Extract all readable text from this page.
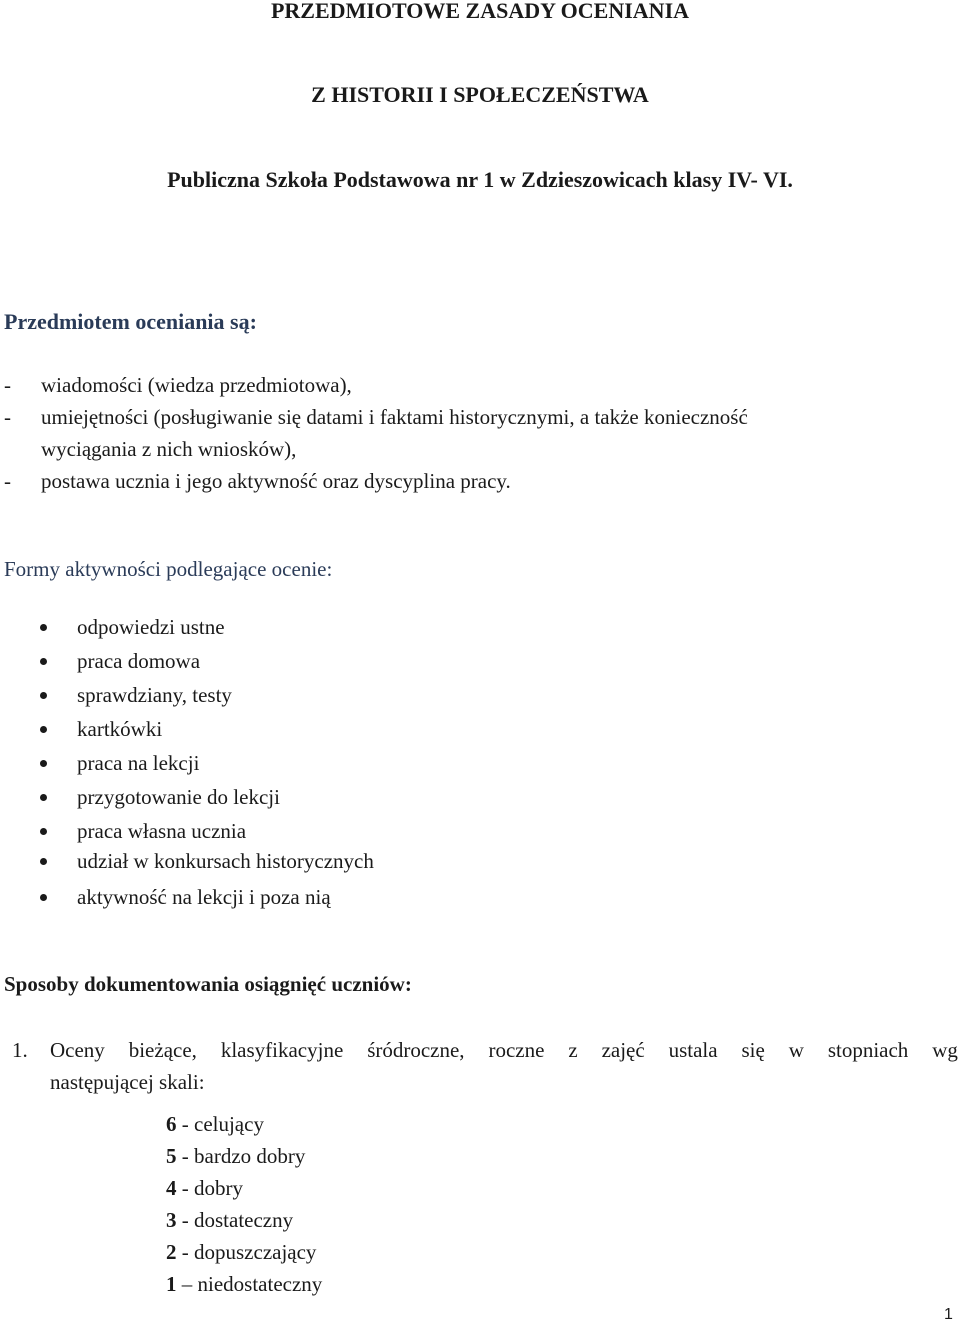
PRZEDMIOTOWE ZASADY OCENIANIA
Z HISTORII I SPOŁECZEŃSTWA
Publiczna Szkoła Podstawowa nr 1 w Zdzieszowicach klasy IV- VI.
Przedmiotem oceniania są:
- wiadomości (wiedza przedmiotowa),
- umiejętności (posługiwanie się datami i faktami historycznymi, a także konieczność
wyciągania z nich wniosków),
- postawa ucznia i jego aktywność oraz dyscyplina pracy.
Formy aktywności podlegające ocenie:
odpowiedzi ustne
praca domowa
sprawdziany, testy
kartkówki
praca na lekcji
przygotowanie do lekcji
praca własna ucznia
udział w konkursach historycznych
aktywność na lekcji i poza nią
Sposoby dokumentowania osiągnięć uczniów:
1. Oceny bieżące, klasyfikacyjne śródroczne, roczne z zajęć ustala się w stopniach wg
następującej skali:
6 - celujący
5 - bardzo dobry
4 - dobry
3 - dostateczny
2 - dopuszczający
1 – niedostateczny
1
